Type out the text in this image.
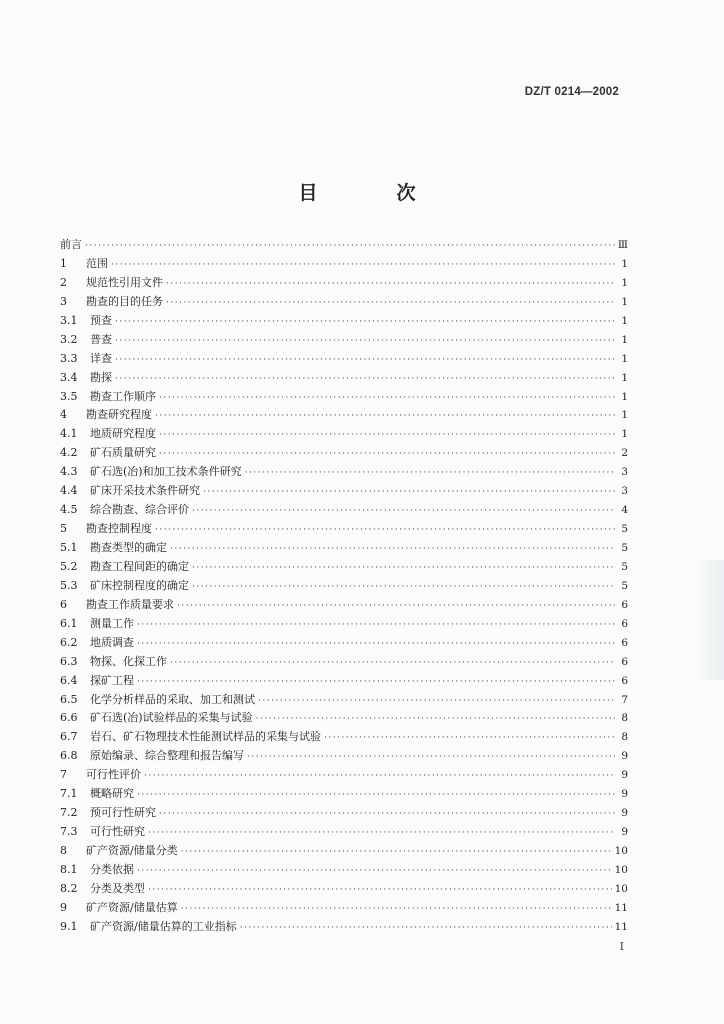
DZ/T 0214—2002
目　次
前言 ·····	Ⅲ
1 范围 ·····	1
2 规范性引用文件 ·····	1
3 勘查的目的任务 ·····	1
3.1 预查 ·····	1
3.2 普查 ·····	1
3.3 详查 ·····	1
3.4 勘探 ·····	1
3.5 勘查工作顺序 ·····	1
4 勘查研究程度 ·····	1
4.1 地质研究程度 ·····	1
4.2 矿石质量研究 ·····	2
4.3 矿石选(冶)和加工技术条件研究 ·····	3
4.4 矿床开采技术条件研究 ·····	3
4.5 综合勘查、综合评价 ·····	4
5 勘查控制程度 ·····	5
5.1 勘查类型的确定 ·····	5
5.2 勘查工程间距的确定 ·····	5
5.3 矿床控制程度的确定 ·····	5
6 勘查工作质量要求 ·····	6
6.1 测量工作 ·····	6
6.2 地质调查 ·····	6
6.3 物探、化探工作 ·····	6
6.4 探矿工程 ·····	6
6.5 化学分析样品的采取、加工和测试 ·····	7
6.6 矿石选(冶)试验样品的采集与试验 ·····	8
6.7 岩石、矿石物理技术性能测试样品的采集与试验 ·····	8
6.8 原始编录、综合整理和报告编写 ·····	9
7 可行性评价 ·····	9
7.1 概略研究 ·····	9
7.2 预可行性研究 ·····	9
7.3 可行性研究 ·····	9
8 矿产资源/储量分类 ·····	10
8.1 分类依据 ·····	10
8.2 分类及类型 ·····	10
9 矿产资源/储量估算 ·····	11
9.1 矿产资源/储量估算的工业指标 ·····	11
I
